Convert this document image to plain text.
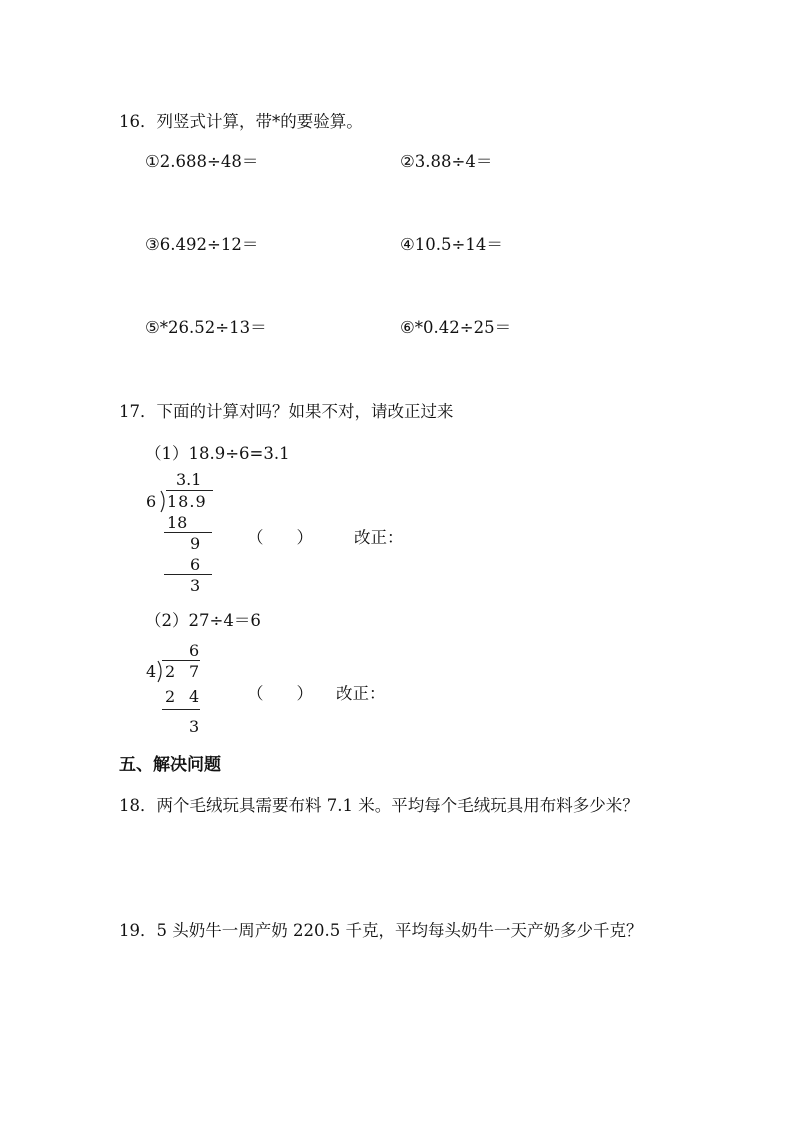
16．列竖式计算，带*的要验算。
①2.688÷48＝	②3.88÷4＝
③6.492÷12＝	④10.5÷14＝
⑤*26.52÷13＝	⑥*0.42÷25＝
17．下面的计算对吗？如果不对，请改正过来
（1）18.9÷6=3.1
3.1
6 18.9
18
9
6
3
（　　） 改正：
（2）27÷4＝6
6
4 2 7
2 4
3
（　　） 改正：
五、解决问题
18．两个毛绒玩具需要布料 7.1 米。平均每个毛绒玩具用布料多少米？
19．5 头奶牛一周产奶 220.5 千克，平均每头奶牛一天产奶多少千克？
